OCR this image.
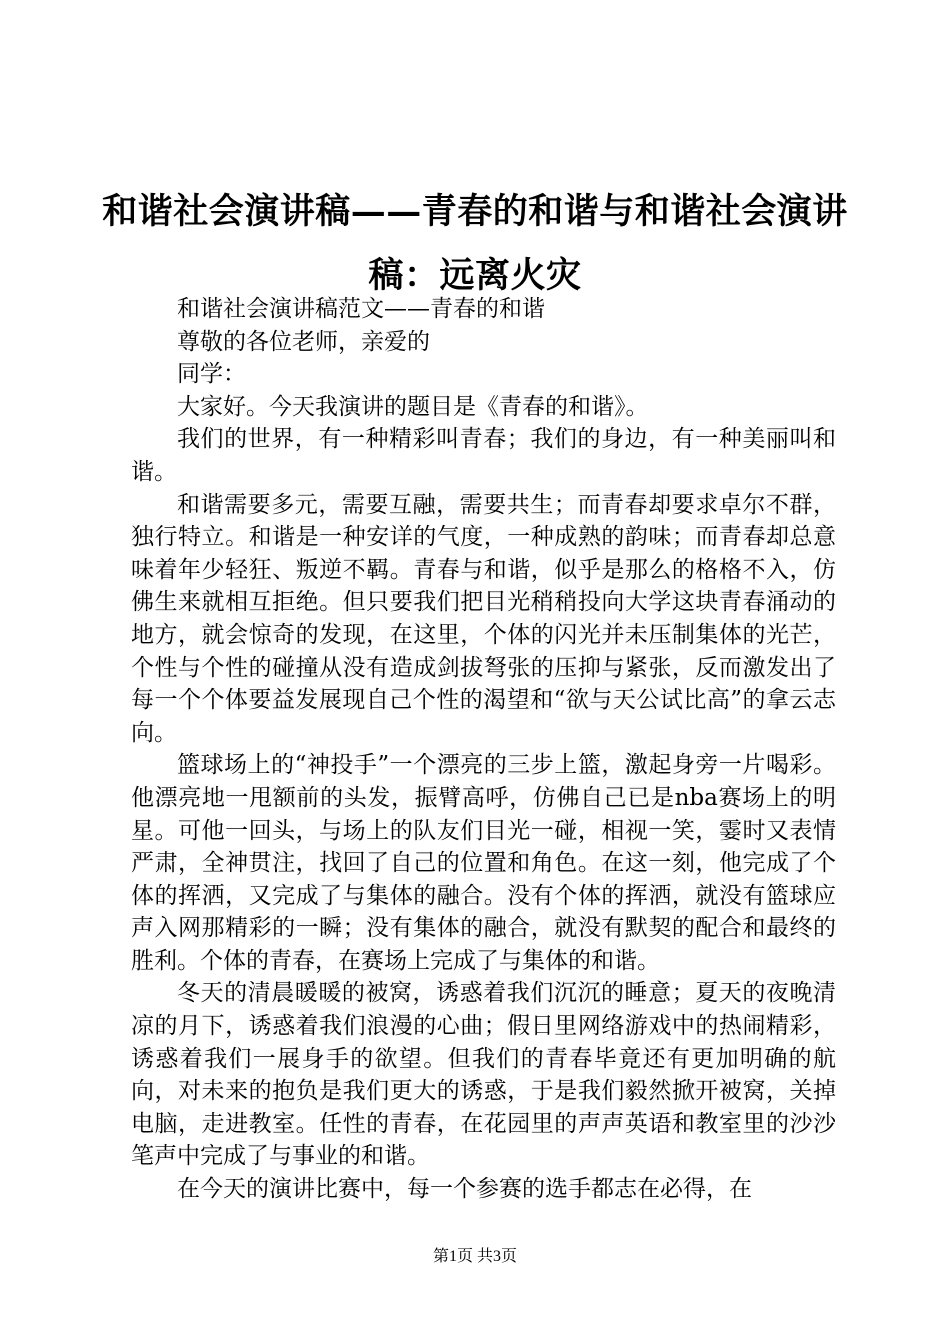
和谐社会演讲稿——青春的和谐与和谐社会演讲稿：远离火灾

和谐社会演讲稿范文——青春的和谐

尊敬的各位老师，亲爱的

同学：

大家好。今天我演讲的题目是《青春的和谐》。

我们的世界，有一种精彩叫青春；我们的身边，有一种美丽叫和谐。

和谐需要多元，需要互融，需要共生；而青春却要求卓尔不群，独行特立。和谐是一种安详的气度，一种成熟的韵味；而青春却总意味着年少轻狂、叛逆不羁。青春与和谐，似乎是那么的格格不入，仿佛生来就相互拒绝。但只要我们把目光稍稍投向大学这块青春涌动的地方，就会惊奇的发现，在这里，个体的闪光并未压制集体的光芒，个性与个性的碰撞从没有造成剑拔弩张的压抑与紧张，反而激发出了每一个个体要益发展现自己个性的渴望和“欲与天公试比高”的拿云志向。

篮球场上的“神投手”一个漂亮的三步上篮，激起身旁一片喝彩。他漂亮地一甩额前的头发，振臂高呼，仿佛自己已是nba赛场上的明星。可他一回头，与场上的队友们目光一碰，相视一笑，霎时又表情严肃，全神贯注，找回了自己的位置和角色。在这一刻，他完成了个体的挥洒，又完成了与集体的融合。没有个体的挥洒，就没有篮球应声入网那精彩的一瞬；没有集体的融合，就没有默契的配合和最终的胜利。个体的青春，在赛场上完成了与集体的和谐。

冬天的清晨暖暖的被窝，诱惑着我们沉沉的睡意；夏天的夜晚清凉的月下，诱惑着我们浪漫的心曲；假日里网络游戏中的热闹精彩，诱惑着我们一展身手的欲望。但我们的青春毕竟还有更加明确的航向，对未来的抱负是我们更大的诱惑，于是我们毅然掀开被窝，关掉电脑，走进教室。任性的青春，在花园里的声声英语和教室里的沙沙笔声中完成了与事业的和谐。

在今天的演讲比赛中，每一个参赛的选手都志在必得，在

第1页 共3页
